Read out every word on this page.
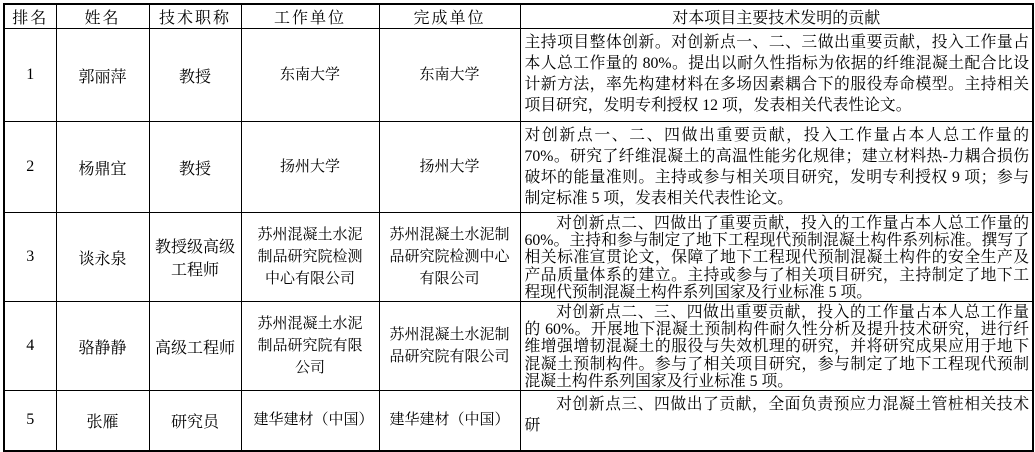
排名	姓名	技术职称	工作单位	完成单位	对本项目主要技术发明的贡献
1	郭丽萍	教授	东南大学	东南大学	主持项目整体创新。对创新点一、二、三做出重要贡献，投入工作量占本人总工作量的 80%。提出以耐久性指标为依据的纤维混凝土配合比设计新方法，率先构建材料在多场因素耦合下的服役寿命模型。主持相关项目研究，发明专利授权 12 项，发表相关代表性论文。
2	杨鼎宜	教授	扬州大学	扬州大学	对创新点一、二、四做出重要贡献，投入工作量占本人总工作量的 70%。研究了纤维混凝土的高温性能劣化规律；建立材料热-力耦合损伤破坏的能量准则。主持或参与相关项目研究，发明专利授权 9 项；参与制定标准 5 项，发表相关代表性论文。
3	谈永泉	教授级高级工程师	苏州混凝土水泥制品研究院检测中心有限公司	苏州混凝土水泥制品研究院检测中心有限公司	对创新点二、四做出了重要贡献，投入的工作量占本人总工作量的 60%。主持和参与制定了地下工程现代预制混凝土构件系列标准。撰写了相关标准宣贯论文，保障了地下工程现代预制混凝土构件的安全生产及产品质量体系的建立。主持或参与了相关项目研究，主持制定了地下工程现代预制混凝土构件系列国家及行业标准 5 项。
4	骆静静	高级工程师	苏州混凝土水泥制品研究院有限公司	苏州混凝土水泥制品研究院有限公司	对创新点二、三、四做出重要贡献，投入的工作量占本人总工作量的 60%。开展地下混凝土预制构件耐久性分析及提升技术研究，进行纤维增强增韧混凝土的服役与失效机理的研究，并将研究成果应用于地下混凝土预制构件。参与了相关项目研究，参与制定了地下工程现代预制混凝土构件系列国家及行业标准 5 项。
5	张雁	研究员	建华建材（中国）	建华建材（中国）	对创新点三、四做出了贡献，全面负责预应力混凝土管桩相关技术研
